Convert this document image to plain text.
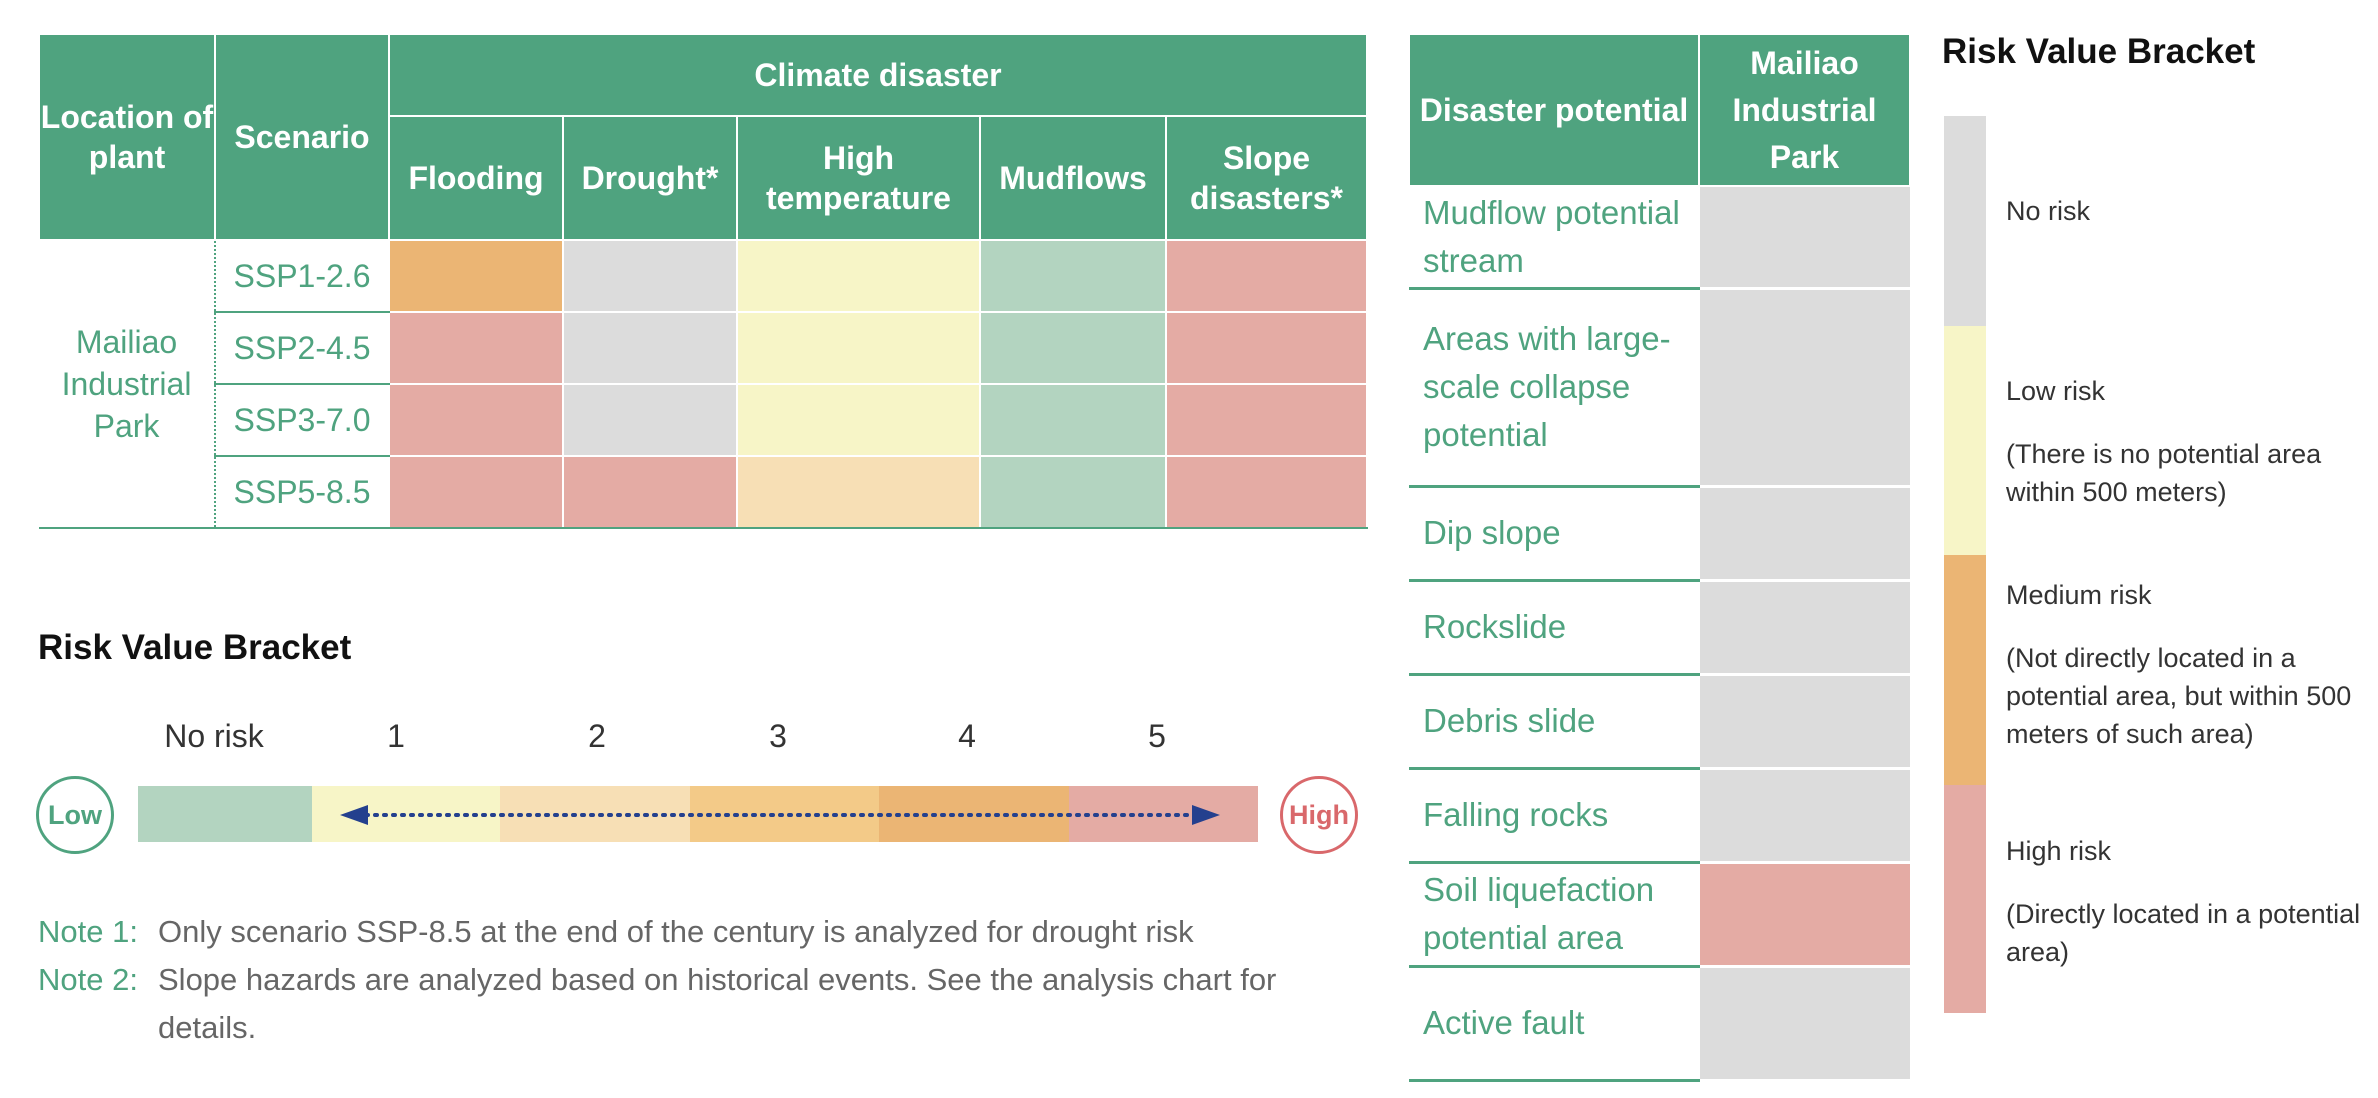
Location of plant	Scenario	Climate disaster				
		Flooding	Drought*	High temperature	Mudflows	Slope disasters*
Mailiao Industrial Park	SSP1-2.6					
	SSP2-4.5					
	SSP3-7.0					
	SSP5-8.5					
Risk Value Bracket
No risk	1	2	3	4	5
Low	High
Note 1: Only scenario SSP-8.5 at the end of the century is analyzed for drought risk
Note 2: Slope hazards are analyzed based on historical events. See the analysis chart for details.
Disaster potential	Mailiao Industrial Park
Mudflow potential stream	
Areas with large-scale collapse potential	
Dip slope	
Rockslide	
Debris slide	
Falling rocks	
Soil liquefaction potential area	
Active fault	
Risk Value Bracket
No risk
Low risk
(There is no potential area within 500 meters)
Medium risk
(Not directly located in a potential area, but within 500 meters of such area)
High risk
(Directly located in a potential area)
